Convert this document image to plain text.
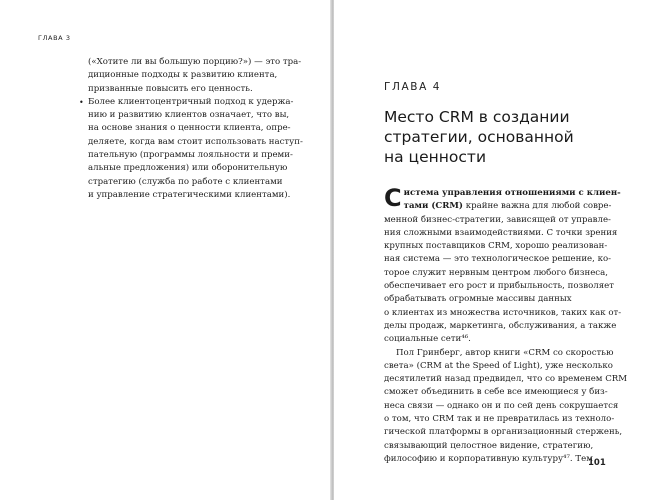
ГЛАВА 3

(«Хотите ли вы большую порцию?») — это тра-
диционные подходы к развитию клиента,
призванные повысить его ценность.

• Более клиентоцентричный подход к удержа-
нию и развитию клиентов означает, что вы,
на основе знания о ценности клиента, опре-
деляете, когда вам стоит использовать наступ-
пательную (программы лояльности и преми-
альные предложения) или оборонительную
стратегию (служба по работе с клиентами
и управление стратегическими клиентами).
ГЛАВА 4
Место CRM в создании
стратегии, основанной
на ценности

С истема управления отношениями с клиен-
тами (CRM) крайне важна для любой совре-
менной бизнес-стратегии, зависящей от управле-
ния сложными взаимодействиями. С точки зрения
крупных поставщиков CRM, хорошо реализован-
ная система — это технологическое решение, ко-
торое служит нервным центром любого бизнеса,
обеспечивает его рост и прибыльность, позволяет
обрабатывать огромные массивы данных
о клиентах из множества источников, таких как от-
делы продаж, маркетинга, обслуживания, а также
социальные сети⁴⁶.

Пол Гринберг, автор книги «CRM со скоростью
света» (CRM at the Speed of Light), уже несколько
десятилетий назад предвидел, что со временем CRM
сможет объединить в себе все имеющиеся у биз-
неса связи — однако он и по сей день сокрушается
о том, что CRM так и не превратилась из техноло-
гической платформы в организационный стержень,
связывающий целостное видение, стратегию,
философию и корпоративную культуру⁴⁷. Тем

101
